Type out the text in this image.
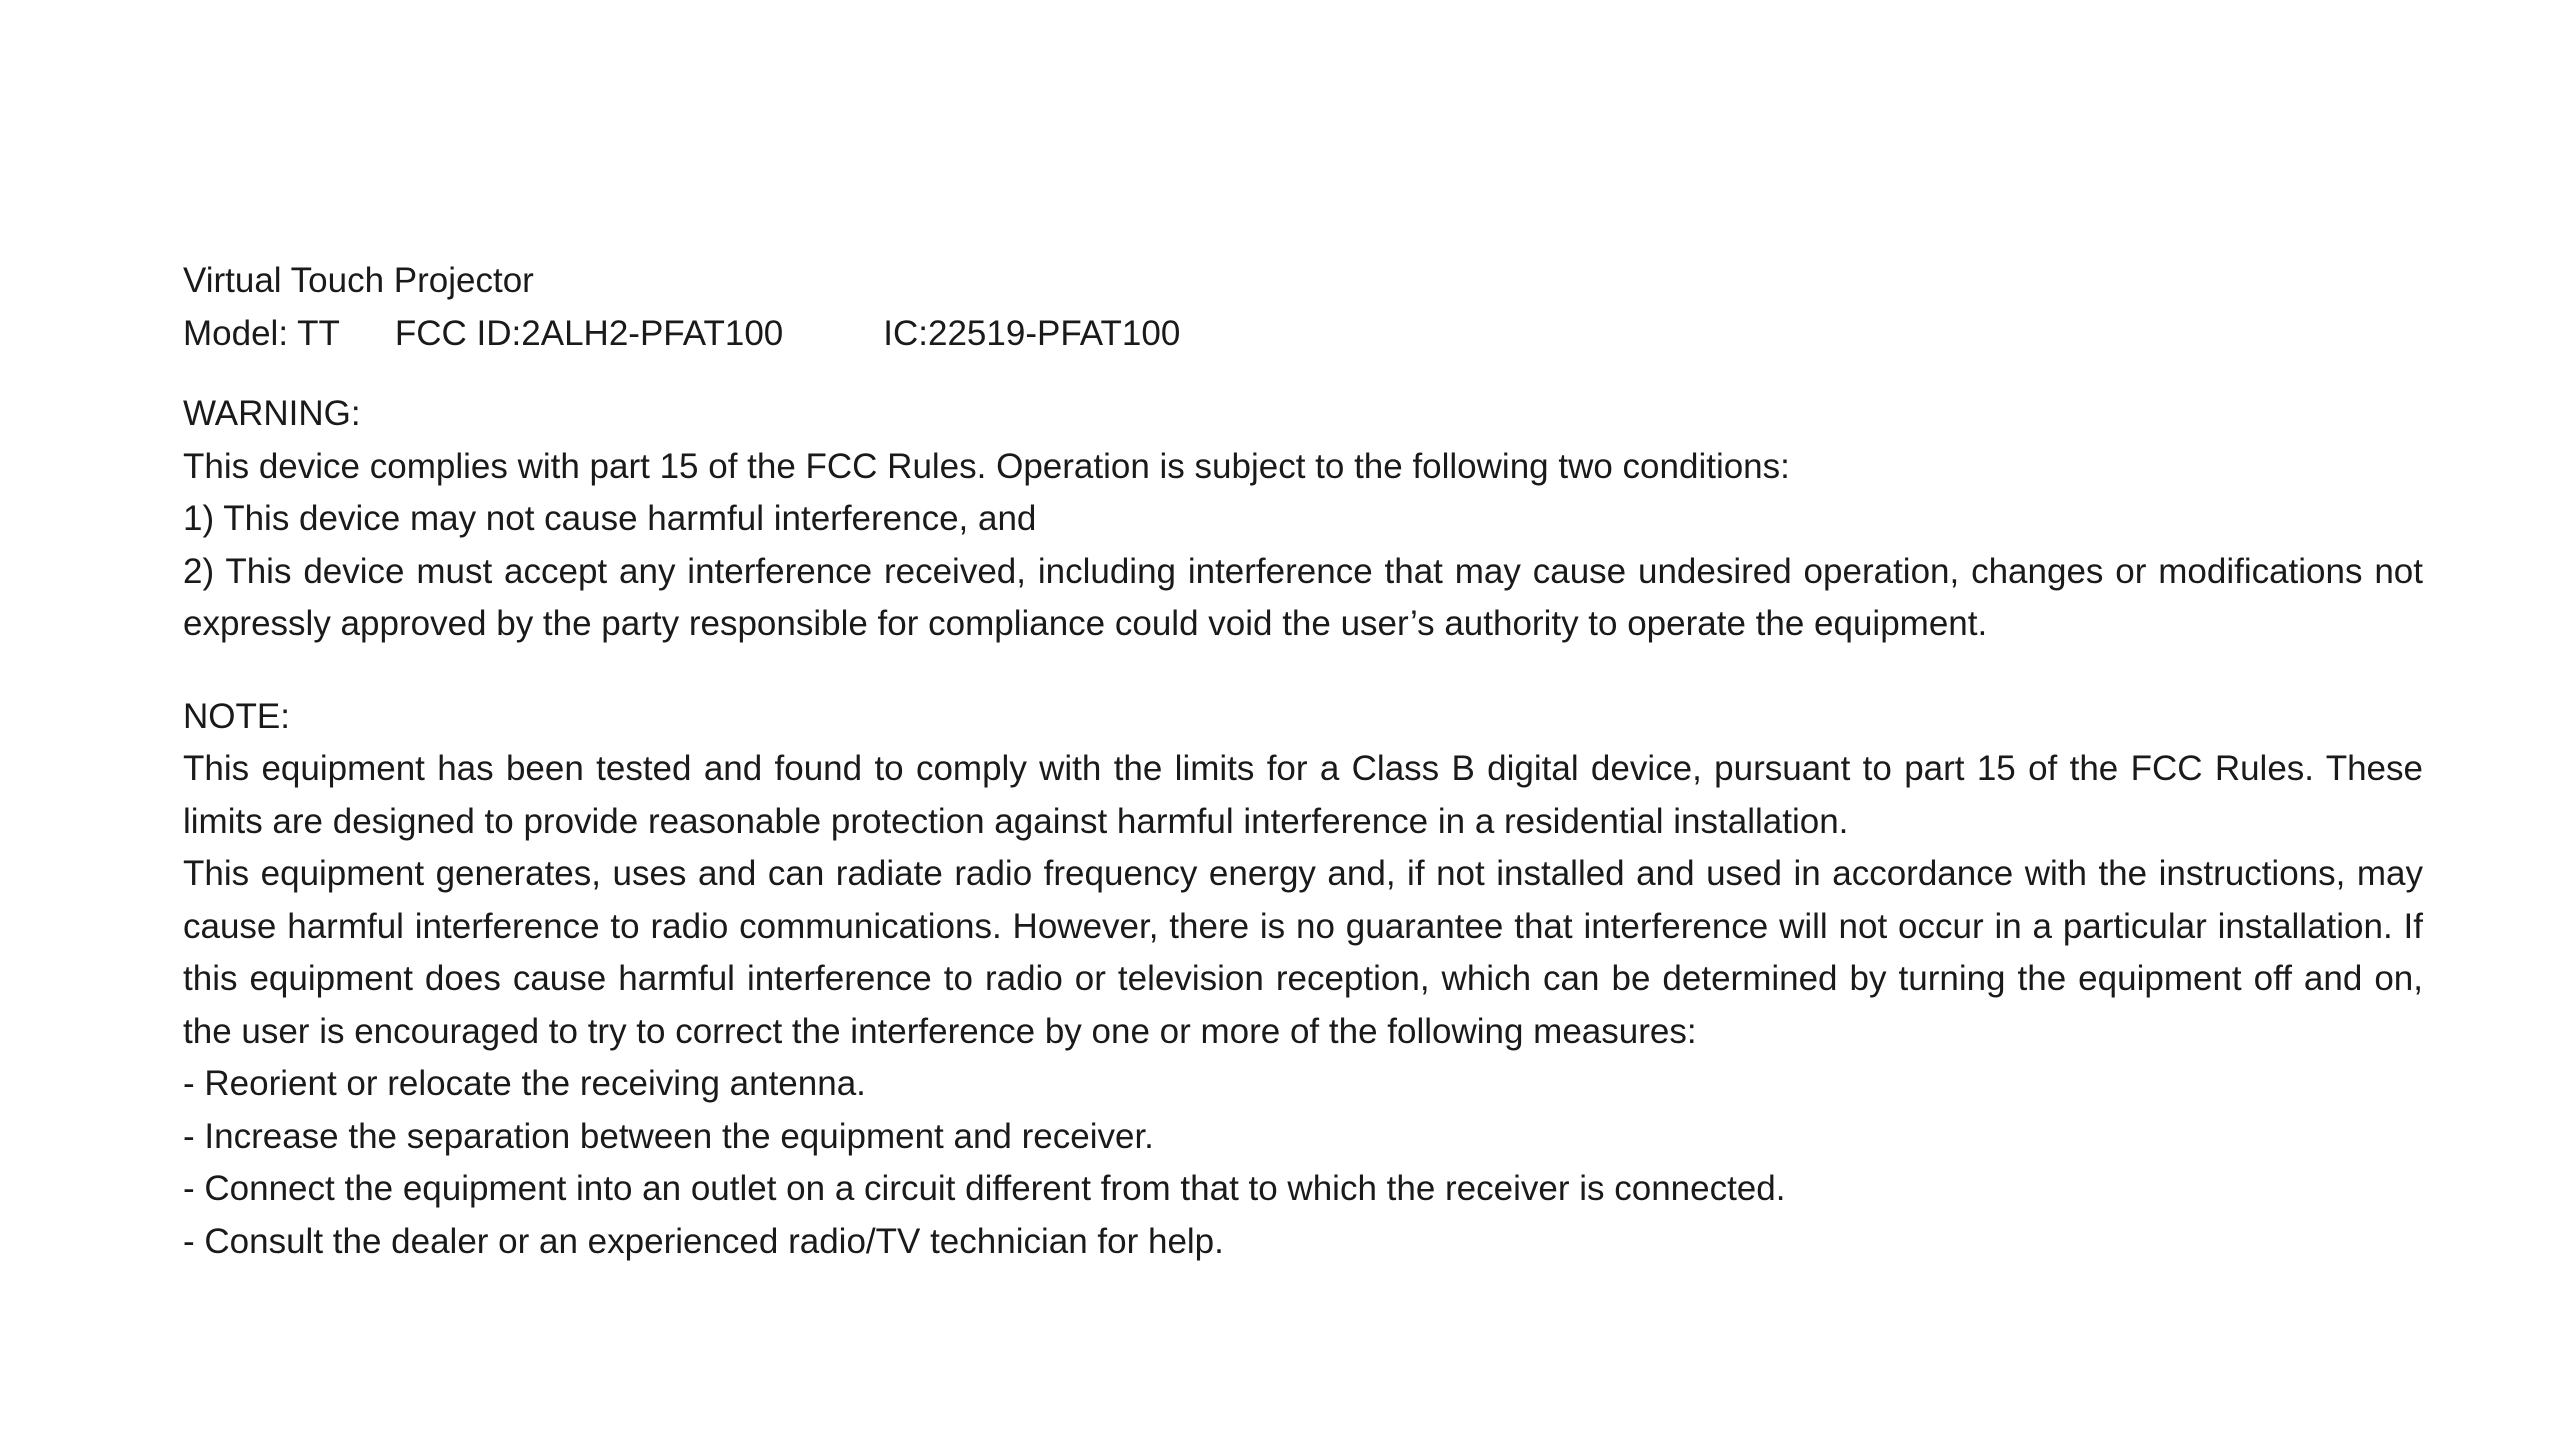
Virtual Touch Projector
Model: TT FCC ID:2ALH2-PFAT100	IC:22519-PFAT100
WARNING:
This device complies with part 15 of the FCC Rules. Operation is subject to the following two conditions:
1) This device may not cause harmful interference, and
2) This device must accept any interference received, including interference that may cause undesired operation, changes or modifications not expressly approved by the party responsible for compliance could void the user’s authority to operate the equipment.
NOTE:
This equipment has been tested and found to comply with the limits for a Class B digital device, pursuant to part 15 of the FCC Rules. These limits are designed to provide reasonable protection against harmful interference in a residential installation.
This equipment generates, uses and can radiate radio frequency energy and, if not installed and used in accordance with the instructions, may cause harmful interference to radio communications. However, there is no guarantee that interference will not occur in a particular installation. If this equipment does cause harmful interference to radio or television reception, which can be determined by turning the equipment off and on, the user is encouraged to try to correct the interference by one or more of the following measures:
- Reorient or relocate the receiving antenna.
- Increase the separation between the equipment and receiver.
- Connect the equipment into an outlet on a circuit different from that to which the receiver is connected.
- Consult the dealer or an experienced radio/TV technician for help.
